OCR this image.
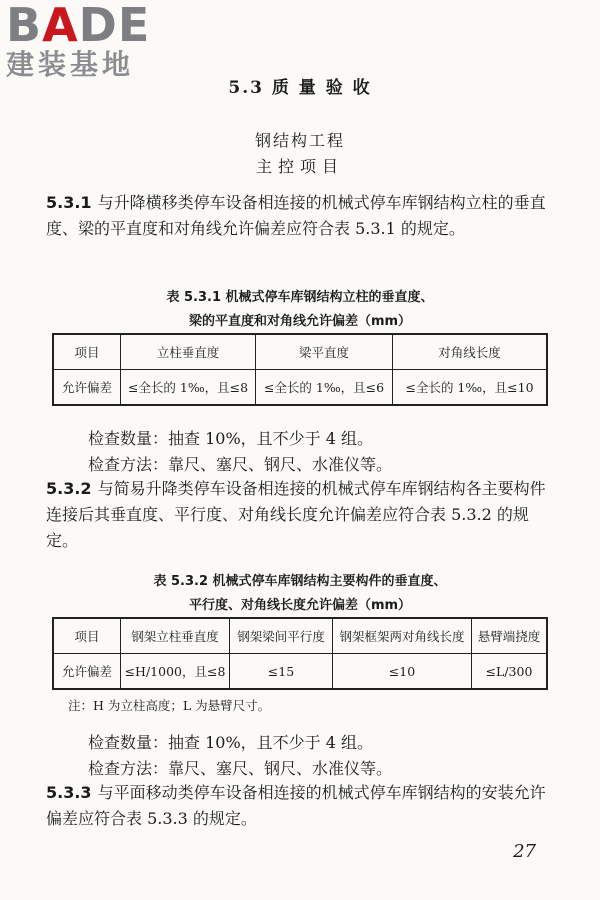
BADE
建装基地
5.3 质 量 验 收
钢结构工程
主控项目
5.3.1 与升降横移类停车设备相连接的机械式停车库钢结构立柱的垂直度、梁的平直度和对角线允许偏差应符合表 5.3.1 的规定。
表 5.3.1 机械式停车库钢结构立柱的垂直度、
梁的平直度和对角线允许偏差（mm）
项目	立柱垂直度	梁平直度	对角线长度
允许偏差	≤全长的 1‰，且≤8	≤全长的 1‰，且≤6	≤全长的 1‰，且≤10
检查数量：抽查 10%，且不少于 4 组。
检查方法：靠尺、塞尺、钢尺、水准仪等。
5.3.2 与简易升降类停车设备相连接的机械式停车库钢结构各主要构件连接后其垂直度、平行度、对角线长度允许偏差应符合表 5.3.2 的规定。
表 5.3.2 机械式停车库钢结构主要构件的垂直度、
平行度、对角线长度允许偏差（mm）
项目	钢架立柱垂直度	钢架梁间平行度	钢架框架两对角线长度	悬臂端挠度
允许偏差	≤H/1000，且≤8	≤15	≤10	≤L/300
注：H 为立柱高度；L 为悬臂尺寸。
检查数量：抽查 10%，且不少于 4 组。
检查方法：靠尺、塞尺、钢尺、水准仪等。
5.3.3 与平面移动类停车设备相连接的机械式停车库钢结构的安装允许偏差应符合表 5.3.3 的规定。
27
